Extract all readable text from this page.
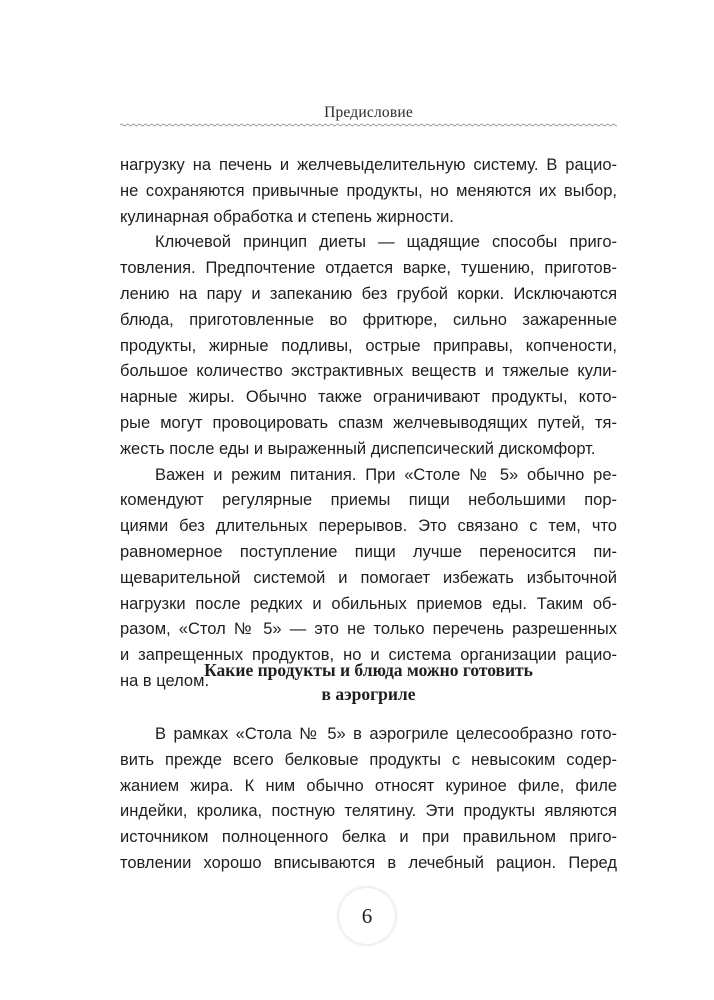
Предисловие
нагрузку на печень и желчевыделительную систему. В рацио-
не сохраняются привычные продукты, но меняются их выбор,
кулинарная обработка и степень жирности.
Ключевой принцип диеты — щадящие способы приго-
товления. Предпочтение отдается варке, тушению, приготов-
лению на пару и запеканию без грубой корки. Исключаются
блюда, приготовленные во фритюре, сильно зажаренные
продукты, жирные подливы, острые приправы, копчености,
большое количество экстрактивных веществ и тяжелые кули-
нарные жиры. Обычно также ограничивают продукты, кото-
рые могут провоцировать спазм желчевыводящих путей, тя-
жесть после еды и выраженный диспепсический дискомфорт.
Важен и режим питания. При «Столе № 5» обычно ре-
комендуют регулярные приемы пищи небольшими пор-
циями без длительных перерывов. Это связано с тем, что
равномерное поступление пищи лучше переносится пи-
щеварительной системой и помогает избежать избыточной
нагрузки после редких и обильных приемов еды. Таким об-
разом, «Стол № 5» — это не только перечень разрешенных
и запрещенных продуктов, но и система организации рацио-
на в целом.
Какие продукты и блюда можно готовить
в аэрогриле
В рамках «Стола № 5» в аэрогриле целесообразно гото-
вить прежде всего белковые продукты с невысоким содер-
жанием жира. К ним обычно относят куриное филе, филе
индейки, кролика, постную телятину. Эти продукты являются
источником полноценного белка и при правильном приго-
товлении хорошо вписываются в лечебный рацион. Перед
6
